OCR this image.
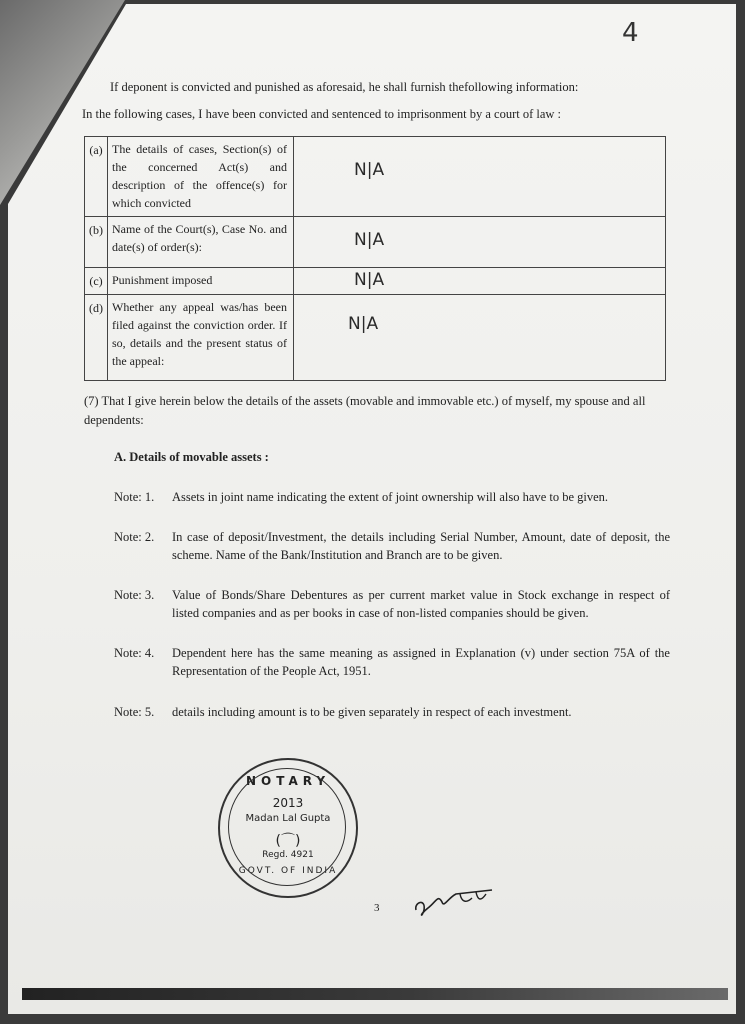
4
If deponent is convicted and punished as aforesaid, he shall furnish thefollowing information:
In the following cases, I have been convicted and sentenced to imprisonment by a court of law :
(a)	The details of cases, Section(s) of the concerned Act(s) and description of the offence(s) for which convicted	N|A

(b)	Name of the Court(s), Case No. and date(s) of order(s):	N|A

(c)	Punishment imposed	N|A

(d)	Whether any appeal was/has been filed against the conviction order. If so, details and the present status of the appeal:	N|A
(7) That I give herein below the details of the assets (movable and immovable etc.) of myself, my spouse and all dependents:
A. Details of movable assets :
Note: 1.	Assets in joint name indicating the extent of joint ownership will also have to be given.
Note: 2.	In case of deposit/Investment, the details including Serial Number, Amount, date of deposit, the scheme. Name of the Bank/Institution and Branch are to be given.
Note: 3.	Value of Bonds/Share Debentures as per current market value in Stock exchange in respect of listed companies and as per books in case of non-listed companies should be given.
Note: 4.	Dependent here has the same meaning as assigned in Explanation (v) under section 75A of the Representation of the People Act, 1951.
Note: 5.	details including amount is to be given separately in respect of each investment.
NOTARY
2013
Madan Lal Gupta
(⌒)
Regd. 4921
GOVT. OF INDIA
3
